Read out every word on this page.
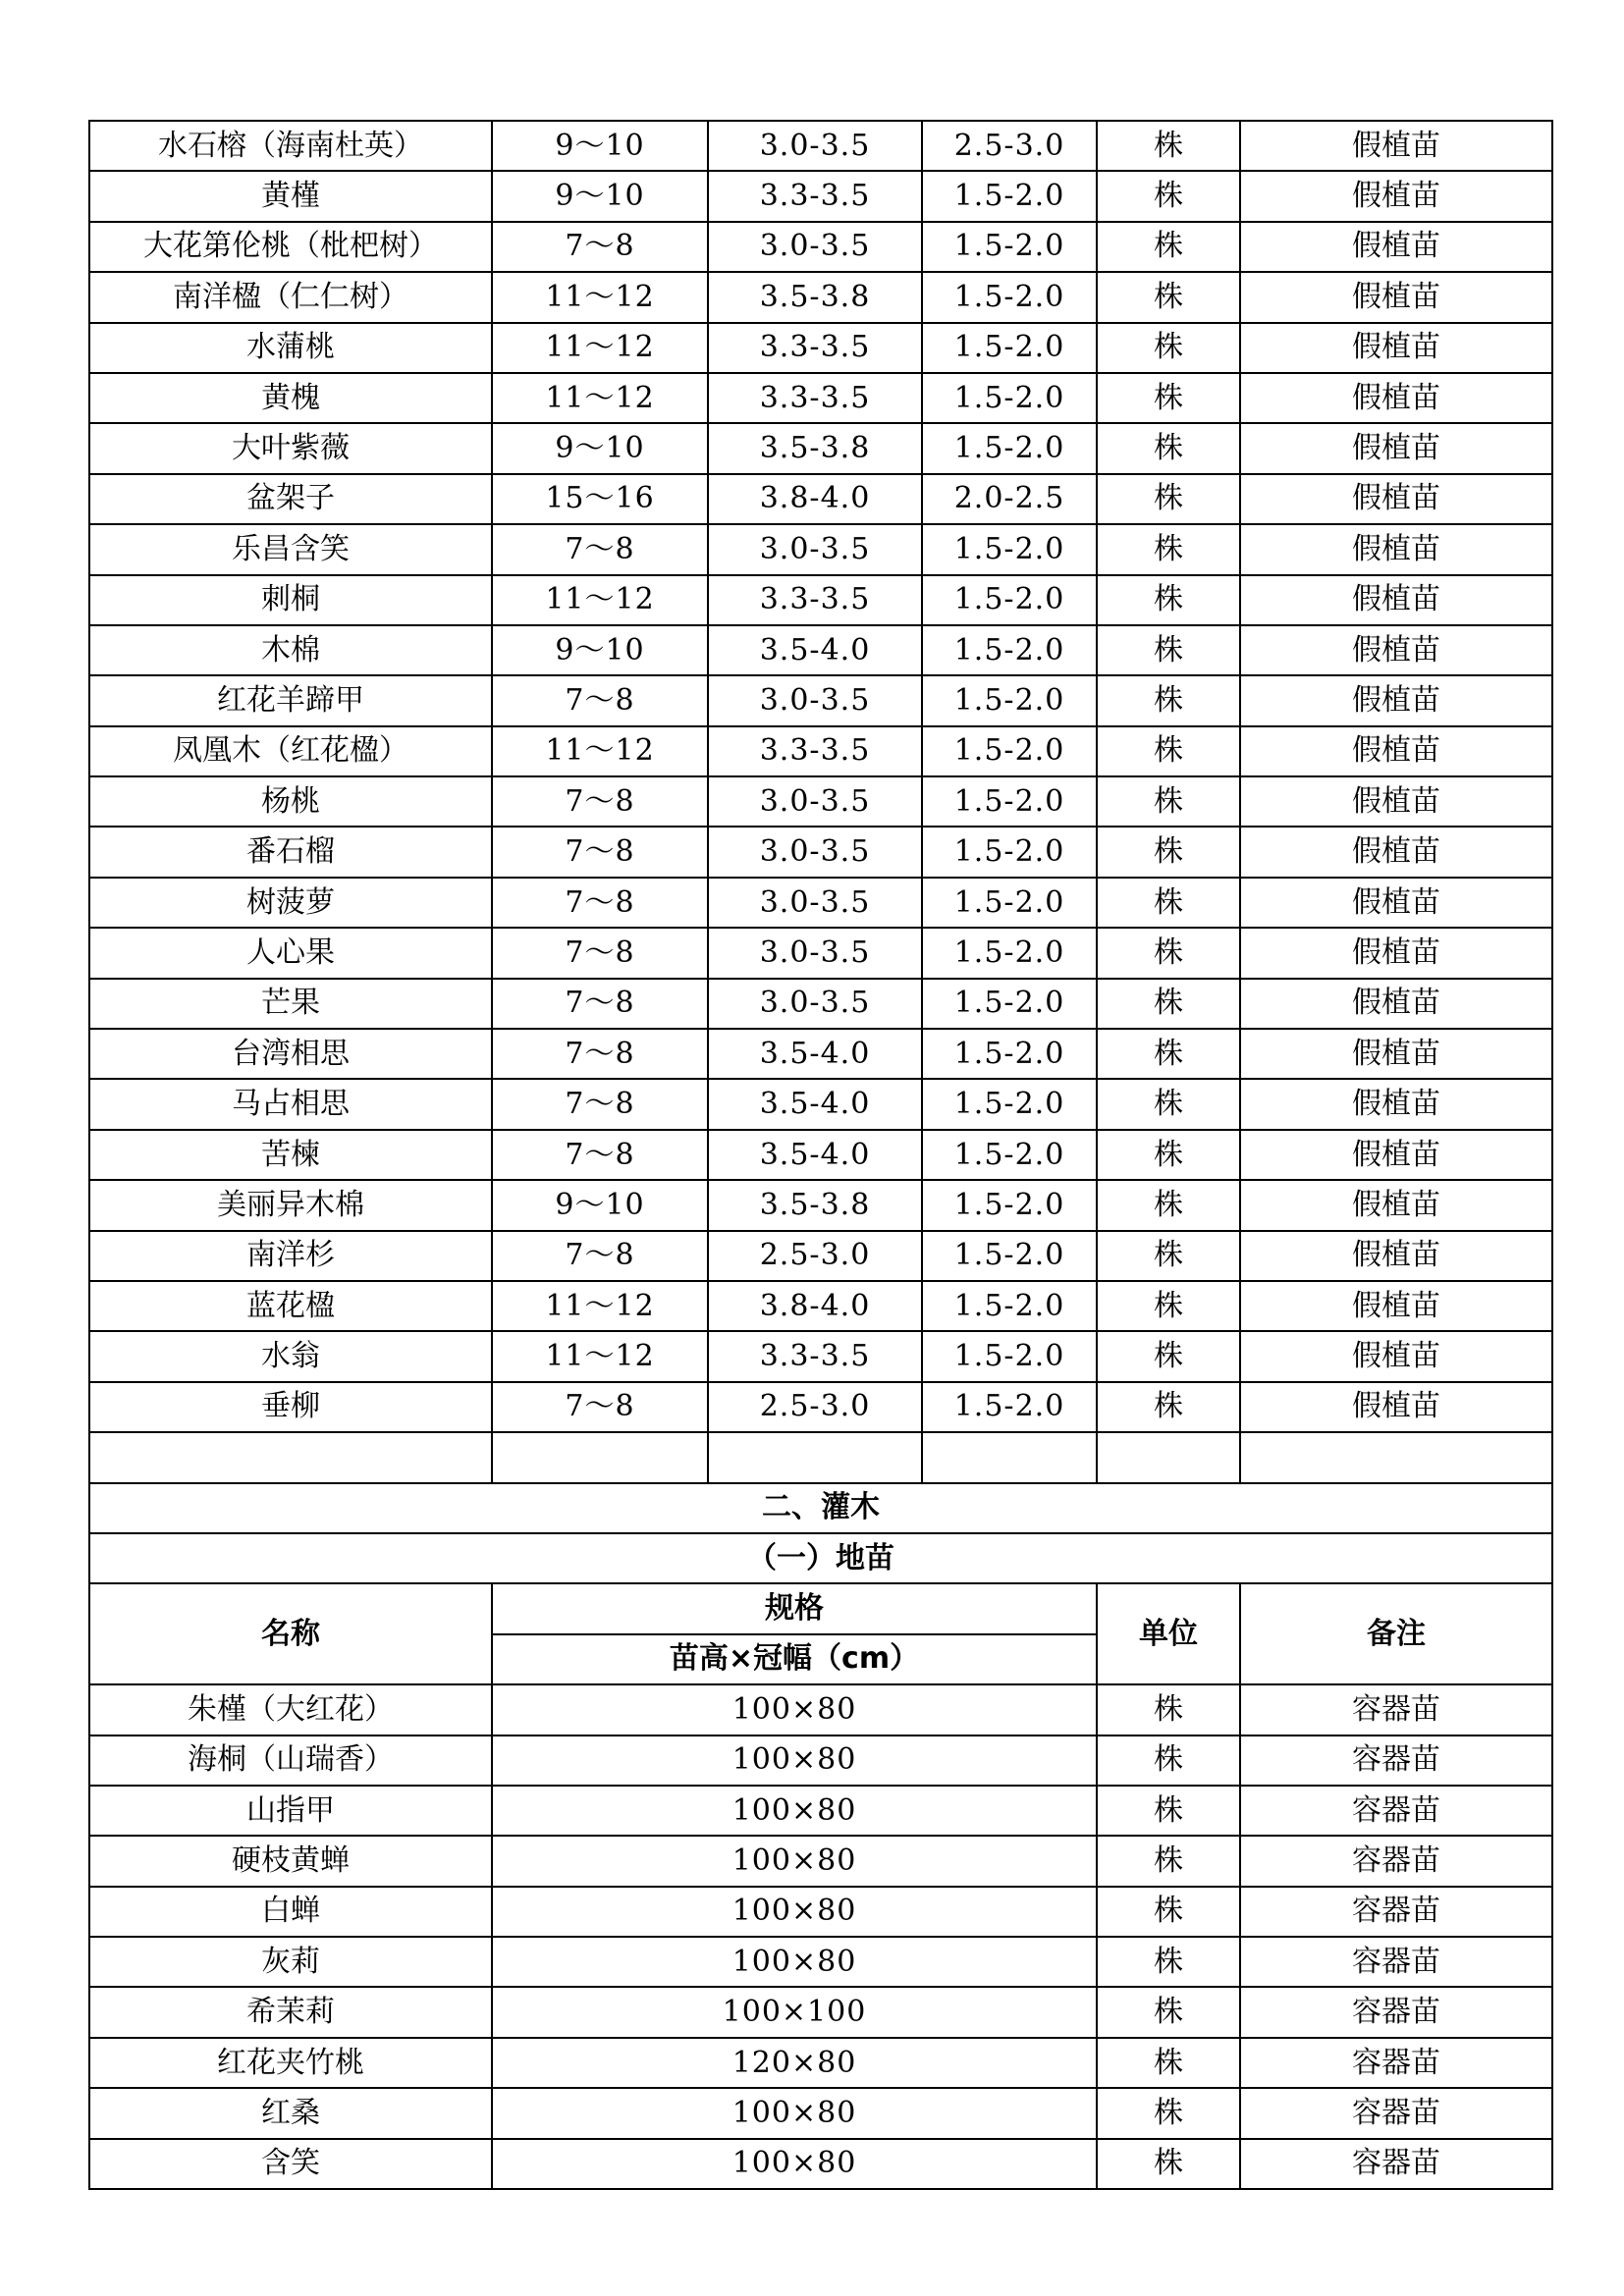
水石榕（海南杜英）	9～10	3.0-3.5	2.5-3.0	株	假植苗
黄槿	9～10	3.3-3.5	1.5-2.0	株	假植苗
大花第伦桃（枇杷树）	7～8	3.0-3.5	1.5-2.0	株	假植苗
南洋楹（仁仁树）	11～12	3.5-3.8	1.5-2.0	株	假植苗
水蒲桃	11～12	3.3-3.5	1.5-2.0	株	假植苗
黄槐	11～12	3.3-3.5	1.5-2.0	株	假植苗
大叶紫薇	9～10	3.5-3.8	1.5-2.0	株	假植苗
盆架子	15～16	3.8-4.0	2.0-2.5	株	假植苗
乐昌含笑	7～8	3.0-3.5	1.5-2.0	株	假植苗
刺桐	11～12	3.3-3.5	1.5-2.0	株	假植苗
木棉	9～10	3.5-4.0	1.5-2.0	株	假植苗
红花羊蹄甲	7～8	3.0-3.5	1.5-2.0	株	假植苗
凤凰木（红花楹）	11～12	3.3-3.5	1.5-2.0	株	假植苗
杨桃	7～8	3.0-3.5	1.5-2.0	株	假植苗
番石榴	7～8	3.0-3.5	1.5-2.0	株	假植苗
树菠萝	7～8	3.0-3.5	1.5-2.0	株	假植苗
人心果	7～8	3.0-3.5	1.5-2.0	株	假植苗
芒果	7～8	3.0-3.5	1.5-2.0	株	假植苗
台湾相思	7～8	3.5-4.0	1.5-2.0	株	假植苗
马占相思	7～8	3.5-4.0	1.5-2.0	株	假植苗
苦楝	7～8	3.5-4.0	1.5-2.0	株	假植苗
美丽异木棉	9～10	3.5-3.8	1.5-2.0	株	假植苗
南洋杉	7～8	2.5-3.0	1.5-2.0	株	假植苗
蓝花楹	11～12	3.8-4.0	1.5-2.0	株	假植苗
水翁	11～12	3.3-3.5	1.5-2.0	株	假植苗
垂柳	7～8	2.5-3.0	1.5-2.0	株	假植苗

二、灌木					
（一）地苗					
名称	规格			单位	备注
	苗高×冠幅（cm）				
朱槿（大红花）	100×80			株	容器苗
海桐（山瑞香）	100×80			株	容器苗
山指甲	100×80			株	容器苗
硬枝黄蝉	100×80			株	容器苗
白蝉	100×80			株	容器苗
灰莉	100×80			株	容器苗
希茉莉	100×100			株	容器苗
红花夹竹桃	120×80			株	容器苗
红桑	100×80			株	容器苗
含笑	100×80			株	容器苗
